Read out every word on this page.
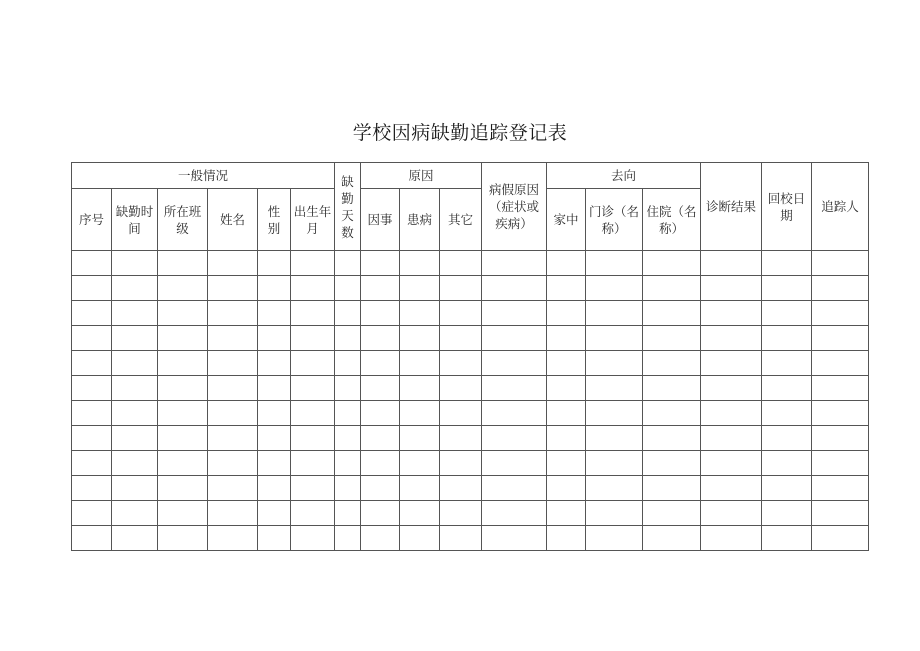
学校因病缺勤追踪登记表
一般情况						缺勤天数	原因			病假原因（症状或疾病）	去向			诊断结果	回校日期	追踪人
序号	缺勤时间	所在班级	姓名	性别	出生年月		因事	患病	其它		家中	门诊（名称）	住院（名称）			
